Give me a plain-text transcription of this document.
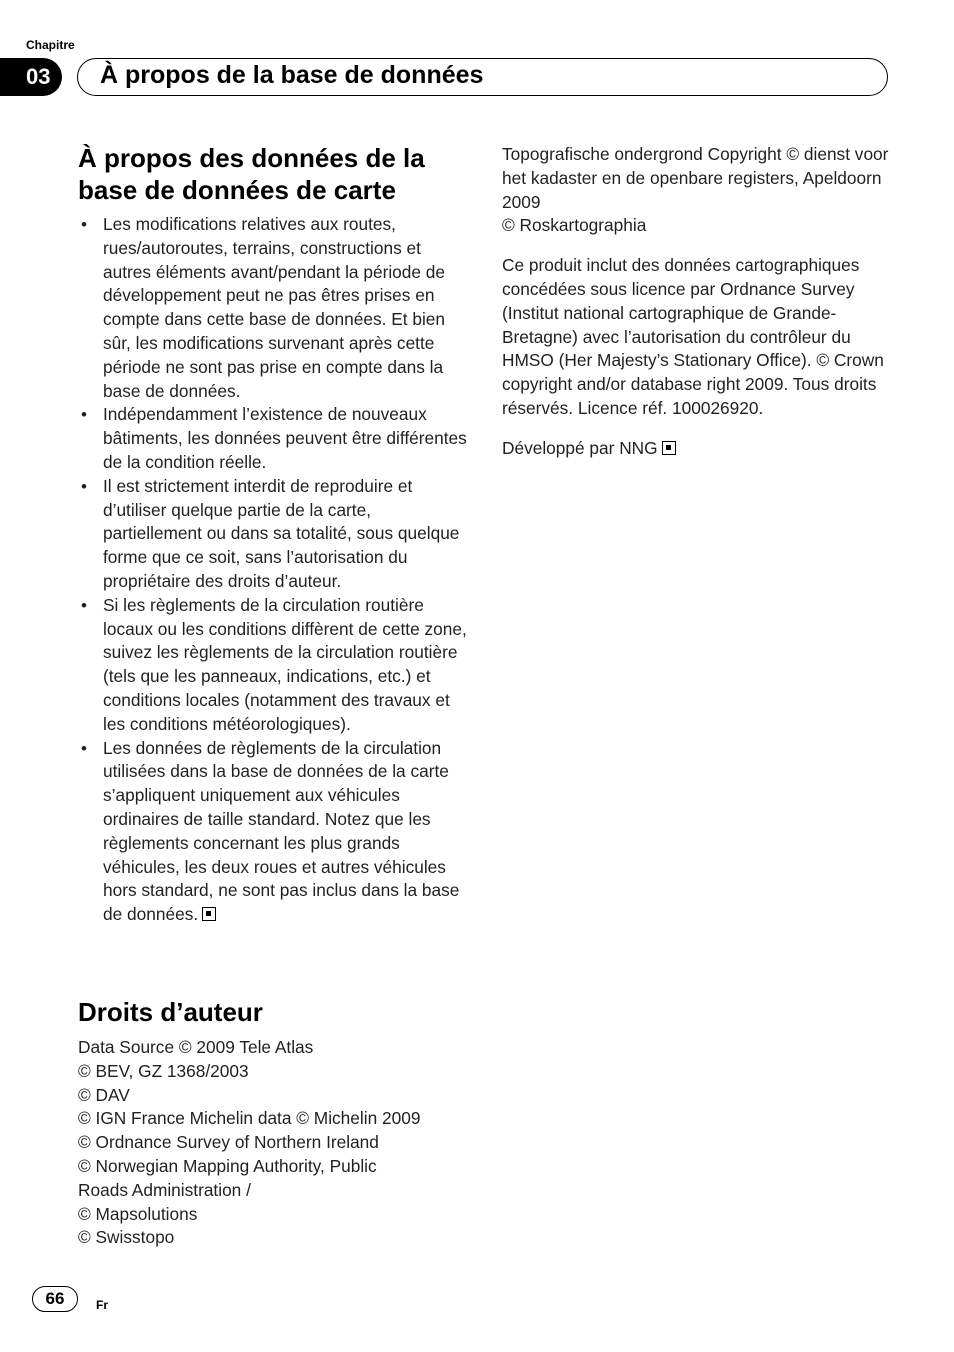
Chapitre
03	À propos de la base de données
À propos des données de la base de données de carte
• Les modifications relatives aux routes, rues/autoroutes, terrains, constructions et autres éléments avant/pendant la période de développement peut ne pas êtres prises en compte dans cette base de données. Et bien sûr, les modifications survenant après cette période ne sont pas prise en compte dans la base de données.
• Indépendamment l’existence de nouveaux bâtiments, les données peuvent être différentes de la condition réelle.
• Il est strictement interdit de reproduire et d’utiliser quelque partie de la carte, partiellement ou dans sa totalité, sous quelque forme que ce soit, sans l’autorisation du propriétaire des droits d’auteur.
• Si les règlements de la circulation routière locaux ou les conditions diffèrent de cette zone, suivez les règlements de la circulation routière (tels que les panneaux, indications, etc.) et conditions locales (notamment des travaux et les conditions météorologiques).
• Les données de règlements de la circulation utilisées dans la base de données de la carte s’appliquent uniquement aux véhicules ordinaires de taille standard. Notez que les règlements concernant les plus grands véhicules, les deux roues et autres véhicules hors standard, ne sont pas inclus dans la base de données.
Droits d’auteur
Data Source © 2009 Tele Atlas
© BEV, GZ 1368/2003
© DAV
© IGN France Michelin data © Michelin 2009
© Ordnance Survey of Northern Ireland
© Norwegian Mapping Authority, Public
Roads Administration /
© Mapsolutions
© Swisstopo
Topografische ondergrond Copyright © dienst voor het kadaster en de openbare registers, Apeldoorn 2009
© Roskartographia
Ce produit inclut des données cartographiques concédées sous licence par Ordnance Survey (Institut national cartographique de Grande-Bretagne) avec l’autorisation du contrôleur du HMSO (Her Majesty’s Stationary Office). © Crown copyright and/or database right 2009. Tous droits réservés. Licence réf. 100026920.
Développé par NNG
66	Fr
